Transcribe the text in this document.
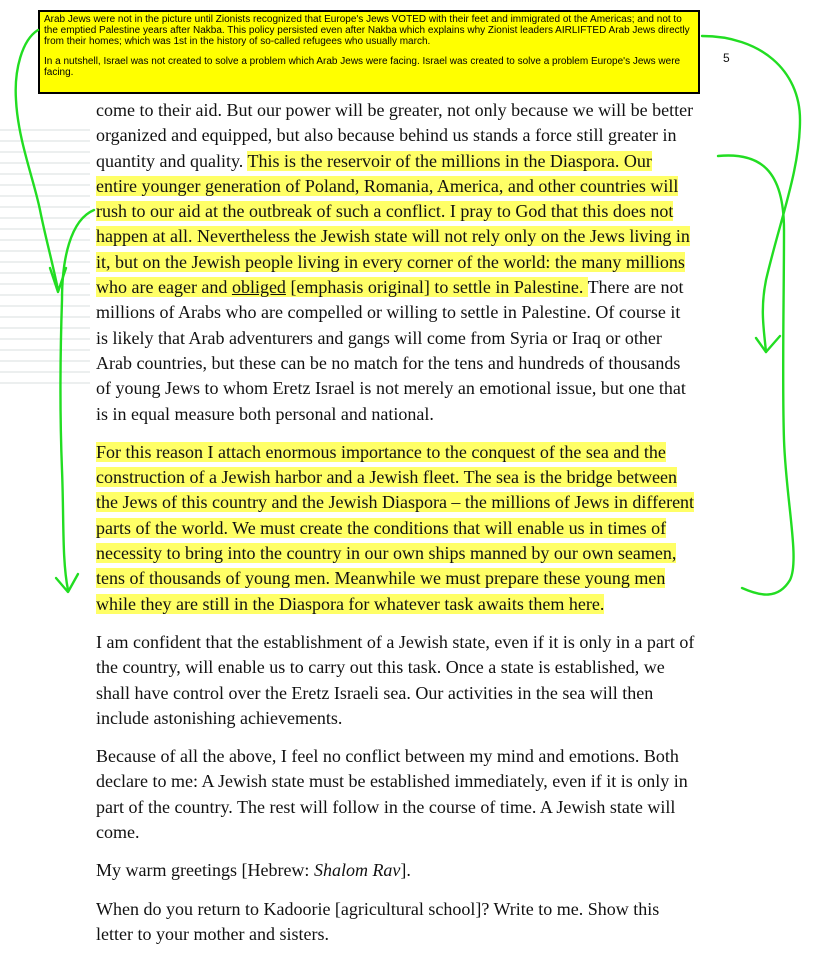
Arab Jews were not in the picture until Zionists recognized that Europe's Jews VOTED with their feet and immigrated ot the Americas; and not to the emptied Palestine years after Nakba. This policy persisted even after Nakba which explains why Zionist leaders AIRLIFTED Arab Jews directly from their homes; which was 1st in the history of so-called refugees who usually march.

In a nutshell, Israel was not created to solve a problem which Arab Jews were facing. Israel was created to solve a problem Europe's Jews were facing.

5
come to their aid. But our power will be greater, not only because we will be better
organized and equipped, but also because behind us stands a force still greater in
quantity and quality. This is the reservoir of the millions in the Diaspora. Our
entire younger generation of Poland, Romania, America, and other countries will
rush to our aid at the outbreak of such a conflict. I pray to God that this does not
happen at all. Nevertheless the Jewish state will not rely only on the Jews living in
it, but on the Jewish people living in every corner of the world: the many millions
who are eager and obliged [emphasis original] to settle in Palestine. There are not
millions of Arabs who are compelled or willing to settle in Palestine. Of course it
is likely that Arab adventurers and gangs will come from Syria or Iraq or other
Arab countries, but these can be no match for the tens and hundreds of thousands
of young Jews to whom Eretz Israel is not merely an emotional issue, but one that
is in equal measure both personal and national.
For this reason I attach enormous importance to the conquest of the sea and the
construction of a Jewish harbor and a Jewish fleet. The sea is the bridge between
the Jews of this country and the Jewish Diaspora – the millions of Jews in different
parts of the world. We must create the conditions that will enable us in times of
necessity to bring into the country in our own ships manned by our own seamen,
tens of thousands of young men. Meanwhile we must prepare these young men
while they are still in the Diaspora for whatever task awaits them here.
I am confident that the establishment of a Jewish state, even if it is only in a part of
the country, will enable us to carry out this task. Once a state is established, we
shall have control over the Eretz Israeli sea. Our activities in the sea will then
include astonishing achievements.
Because of all the above, I feel no conflict between my mind and emotions. Both
declare to me: A Jewish state must be established immediately, even if it is only in
part of the country. The rest will follow in the course of time. A Jewish state will
come.
My warm greetings [Hebrew: Shalom Rav].
When do you return to Kadoorie [agricultural school]? Write to me. Show this
letter to your mother and sisters.
